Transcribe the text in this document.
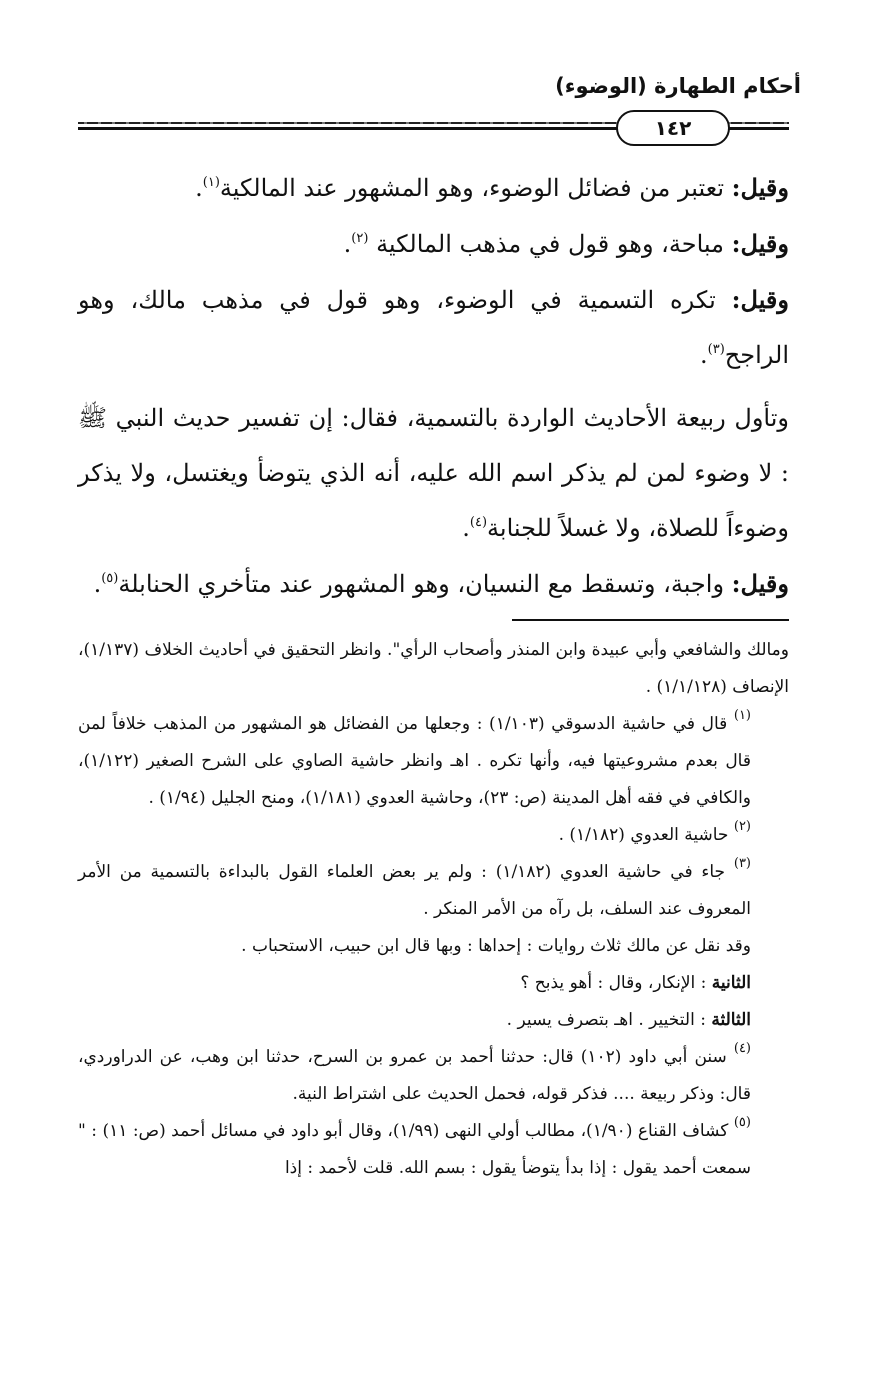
أحكام الطهارة (الوضوء)
١٤٢

وقيل: تعتبر من فضائل الوضوء، وهو المشهور عند المالكية$^{(١)}$.

وقيل: مباحة، وهو قول في مذهب المالكية $^{(٢)}$.

وقيل: تكره التسمية في الوضوء، وهو قول في مذهب مالك، وهو الراجح$^{(٣)}$.

وتأول ربيعة الأحاديث الواردة بالتسمية، فقال: إن تفسير حديث النبي ﷺ : لا وضوء لمن لم يذكر اسم الله عليه، أنه الذي يتوضأ ويغتسل، ولا يذكر وضوءاً للصلاة، ولا غسلاً للجنابة$^{(٤)}$.

وقيل: واجبة، وتسقط مع النسيان، وهو المشهور عند متأخري الحنابلة$^{(٥)}$.

ومالك والشافعي وأبي عبيدة وابن المنذر وأصحاب الرأي". وانظر التحقيق في أحاديث الخلاف (١/١٣٧)، الإنصاف (١/١/١٢٨) .

$^{(١)}$ قال في حاشية الدسوقي (١/١٠٣) : وجعلها من الفضائل هو المشهور من المذهب خلافاً لمن قال بعدم مشروعيتها فيه، وأنها تكره . اهـ وانظر حاشية الصاوي على الشرح الصغير (١/١٢٢)، والكافي في فقه أهل المدينة (ص: ٢٣)، وحاشية العدوي (١/١٨١)، ومنح الجليل (١/٩٤) .

$^{(٢)}$ حاشية العدوي (١/١٨٢) .

$^{(٣)}$ جاء في حاشية العدوي (١/١٨٢) : ولم ير بعض العلماء القول بالبداءة بالتسمية من الأمر المعروف عند السلف، بل رآه من الأمر المنكر .

وقد نقل عن مالك ثلاث روايات : إحداها : وبها قال ابن حبيب، الاستحباب .

الثانية : الإنكار، وقال : أهو يذبح ؟

الثالثة : التخيير . اهـ بتصرف يسير .

$^{(٤)}$ سنن أبي داود (١٠٢) قال: حدثنا أحمد بن عمرو بن السرح، حدثنا ابن وهب، عن الدراوردي، قال: وذكر ربيعة .... فذكر قوله، فحمل الحديث على اشتراط النية.

$^{(٥)}$ كشاف القناع (١/٩٠)، مطالب أولي النهى (١/٩٩)، وقال أبو داود في مسائل أحمد (ص: ١١) : " سمعت أحمد يقول : إذا بدأ يتوضأ يقول : بسم الله. قلت لأحمد : إذا
